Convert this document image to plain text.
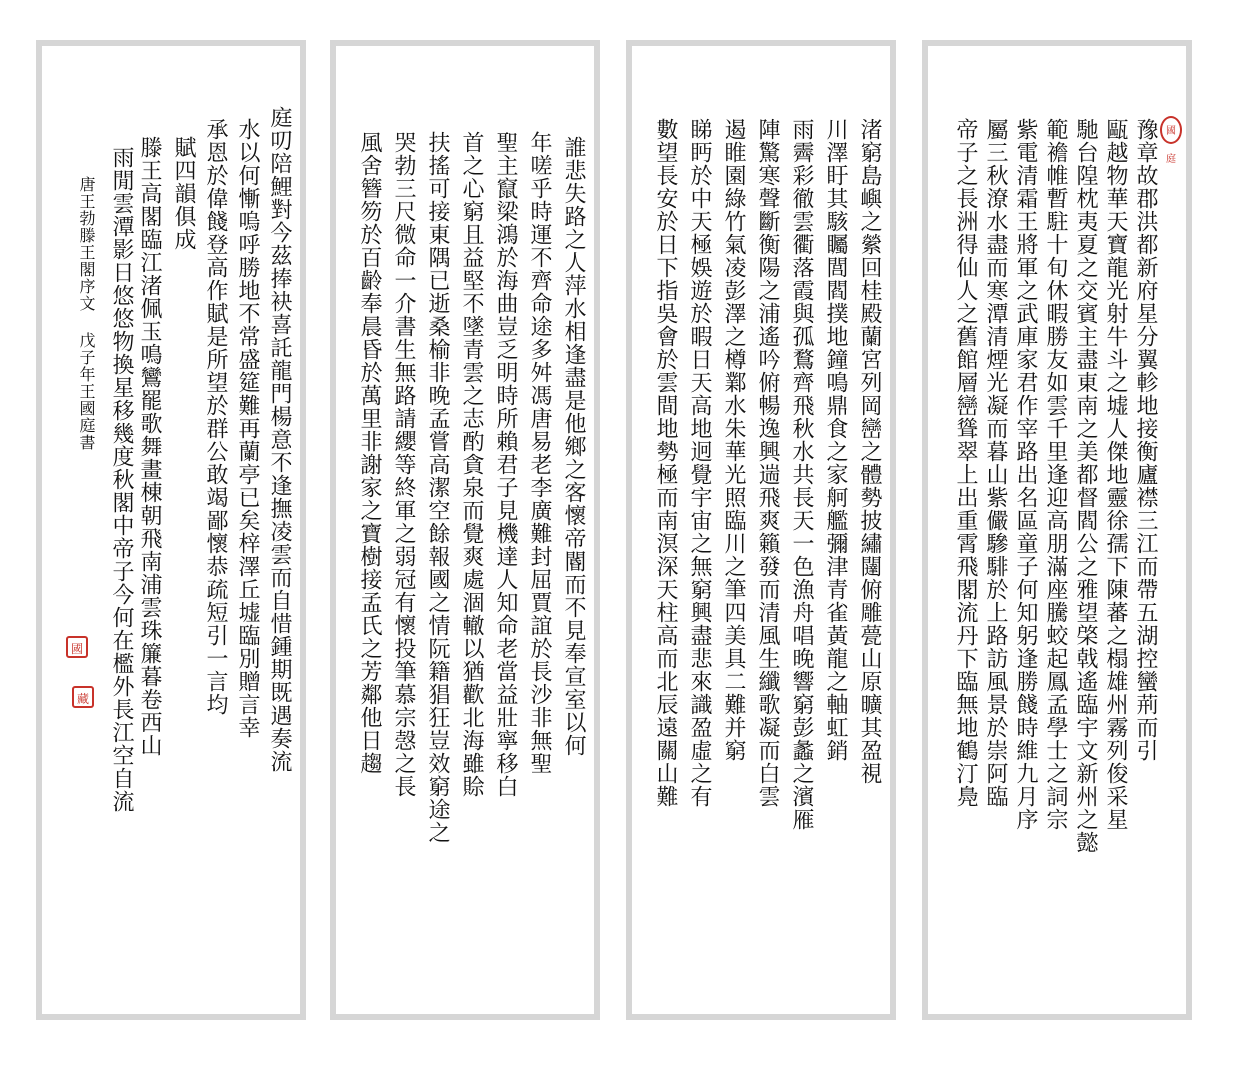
庭叨陪鯉對今茲捧袂喜託龍門楊意不逢撫凌雲而自惜鍾期既遇奏流
水以何慚嗚呼勝地不常盛筵難再蘭亭已矣梓澤丘墟臨別贈言幸
承恩於偉餞登高作賦是所望於群公敢竭鄙懷恭疏短引一言均
賦四韻俱成
滕王高閣臨江渚佩玉鳴鸞罷歌舞畫棟朝飛南浦雲珠簾暮卷西山
雨閒雲潭影日悠悠物換星移幾度秋閣中帝子今何在檻外長江空自流
唐王勃滕王閣序文 戊子年王國庭書
國
藏	誰悲失路之人萍水相逢盡是他鄉之客懷帝閽而不見奉宣室以何
年嗟乎時運不齊命途多舛馮唐易老李廣難封屈賈誼於長沙非無聖
聖主竄梁鴻於海曲豈乏明時所賴君子見機達人知命老當益壯寧移白
首之心窮且益堅不墜青雲之志酌貪泉而覺爽處涸轍以猶歡北海雖賒
扶搖可接東隅已逝桑榆非晚孟嘗高潔空餘報國之情阮籍猖狂豈效窮途之
哭勃三尺微命一介書生無路請纓等終軍之弱冠有懷投筆慕宗愨之長
風舍簪笏於百齡奉晨昏於萬里非謝家之寶樹接孟氏之芳鄰他日趨	渚窮島嶼之縈回桂殿蘭宮列岡巒之體勢披繡闥俯雕甍山原曠其盈視
川澤盱其駭矚閭閻撲地鐘鳴鼎食之家舸艦彌津青雀黃龍之軸虹銷
雨霽彩徹雲衢落霞與孤鶩齊飛秋水共長天一色漁舟唱晚響窮彭蠡之濱雁
陣驚寒聲斷衡陽之浦遙吟俯暢逸興遄飛爽籟發而清風生纖歌凝而白雲
遏睢園綠竹氣凌彭澤之樽鄴水朱華光照臨川之筆四美具二難并窮
睇眄於中天極娛遊於暇日天高地迥覺宇宙之無窮興盡悲來識盈虛之有
數望長安於日下指吳會於雲間地勢極而南溟深天柱高而北辰遠關山難	國庭
豫章故郡洪都新府星分翼軫地接衡廬襟三江而帶五湖控蠻荊而引
甌越物華天寶龍光射牛斗之墟人傑地靈徐孺下陳蕃之榻雄州霧列俊采星
馳台隍枕夷夏之交賓主盡東南之美都督閻公之雅望棨戟遙臨宇文新州之懿
範襜帷暫駐十旬休暇勝友如雲千里逢迎高朋滿座騰蛟起鳳孟學士之詞宗
紫電清霜王將軍之武庫家君作宰路出名區童子何知躬逢勝餞時維九月序
屬三秋潦水盡而寒潭清煙光凝而暮山紫儼驂騑於上路訪風景於崇阿臨
帝子之長洲得仙人之舊館層巒聳翠上出重霄飛閣流丹下臨無地鶴汀鳧
